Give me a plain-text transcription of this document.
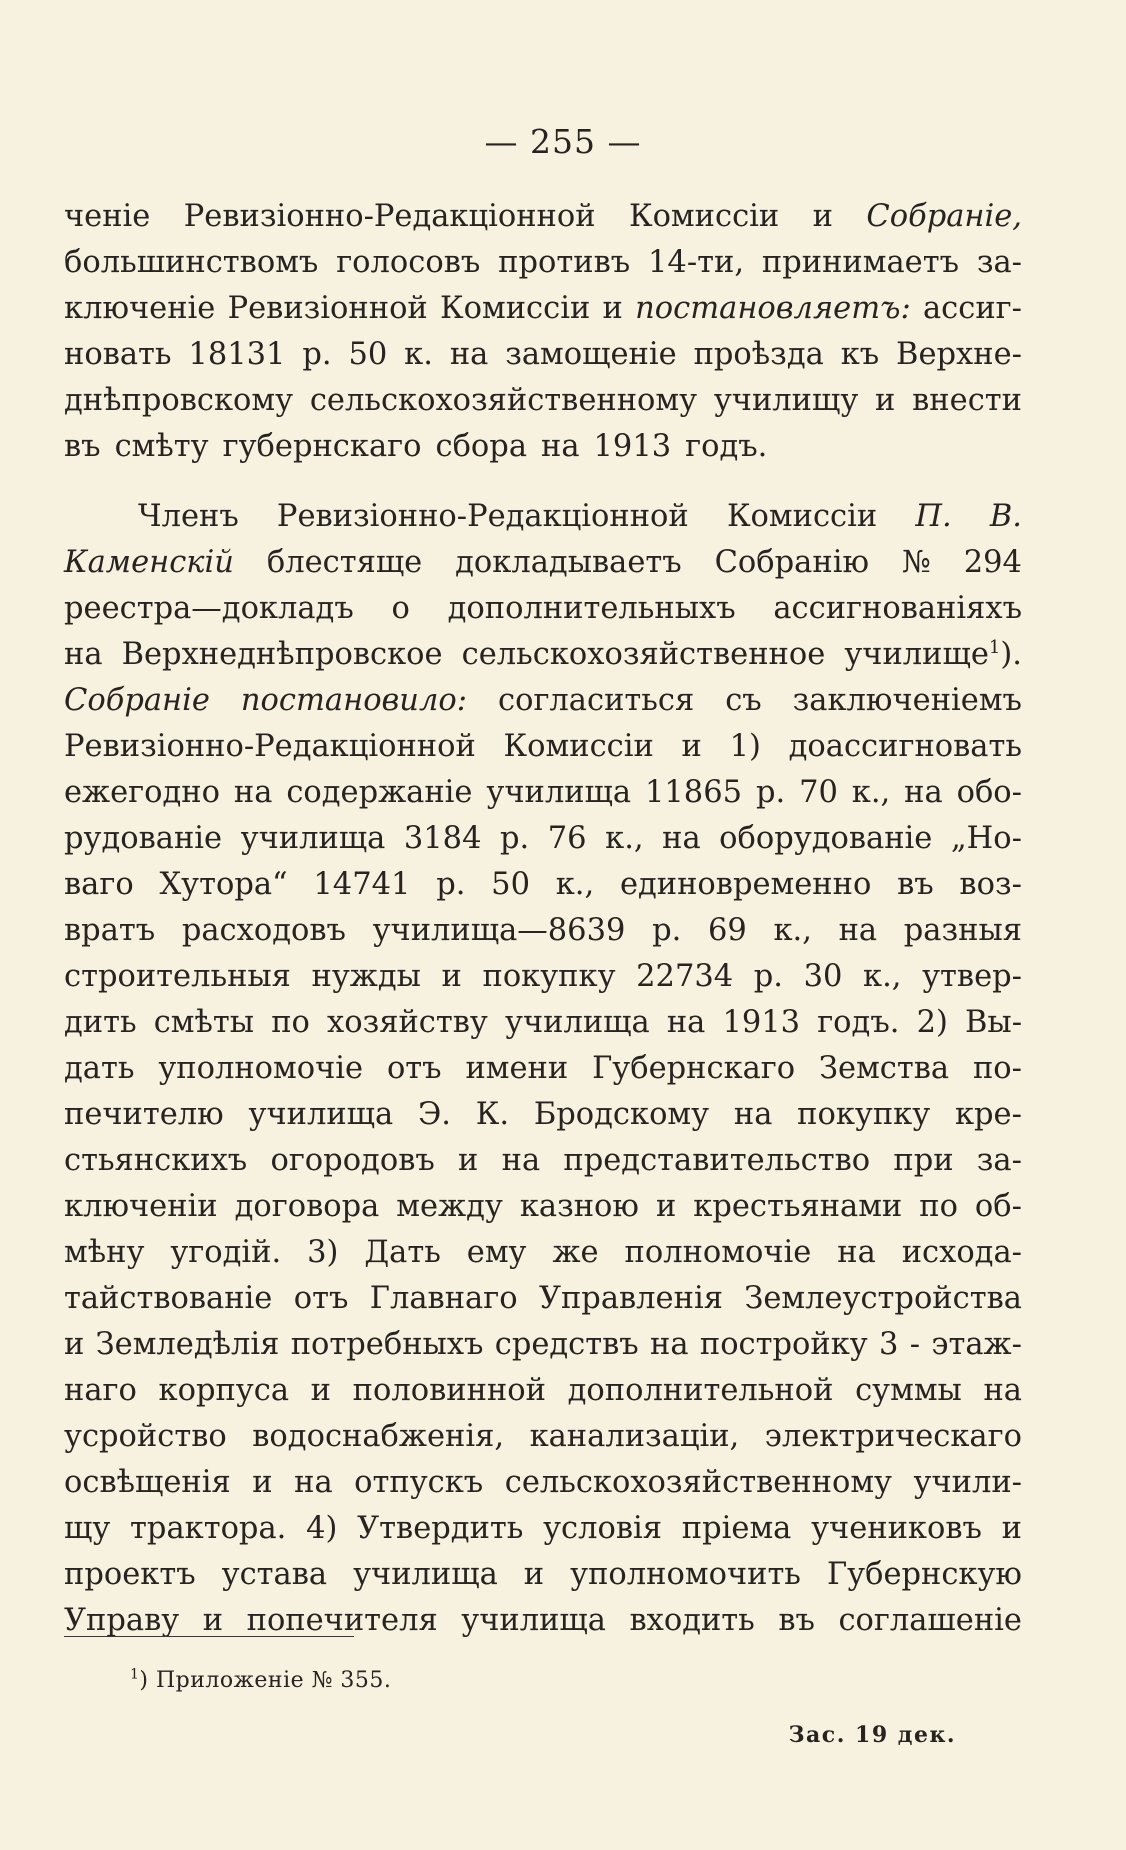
— 255 —
ченіе Ревизіонно-Редакціонной Комиссіи и Собраніе,
большинствомъ голосовъ противъ 14-ти, принимаетъ за-
ключеніе Ревизіонной Комиссіи и постановляетъ: ассиг-
новать 18131 р. 50 к. на замощеніе проѣзда къ Верхне-
днѣпровскому сельскохозяйственному училищу и внести
въ смѣту губернскаго сбора на 1913 годъ.
Членъ Ревизіонно-Редакціонной Комиссіи П. В.
Каменскій блестяще докладываетъ Собранію № 294
реестра—докладъ о дополнительныхъ ассигнованіяхъ
на Верхнеднѣпровское сельскохозяйственное училище$^1$).
Собраніе постановило: согласиться съ заключеніемъ
Ревизіонно-Редакціонной Комиссіи и 1) доассигновать
ежегодно на содержаніе училища 11865 р. 70 к., на обо-
рудованіе училища 3184 р. 76 к., на оборудованіе „Но-
ваго Хутора“ 14741 р. 50 к., единовременно въ воз-
вратъ расходовъ училища—8639 р. 69 к., на разныя
строительныя нужды и покупку 22734 р. 30 к., утвер-
дить смѣты по хозяйству училища на 1913 годъ. 2) Вы-
дать уполномочіе отъ имени Губернскаго Земства по-
печителю училища Э. К. Бродскому на покупку кре-
стьянскихъ огородовъ и на представительство при за-
ключеніи договора между казною и крестьянами по об-
мѣну угодій. 3) Дать ему же полномочіе на исхода-
тайствованіе отъ Главнаго Управленія Землеустройства
и Земледѣлія потребныхъ средствъ на постройку 3 - этаж-
наго корпуса и половинной дополнительной суммы на
усройство водоснабженія, канализаціи, электрическаго
освѣщенія и на отпускъ сельскохозяйственному учили-
щу трактора. 4) Утвердить условія пріема учениковъ и
проектъ устава училища и уполномочить Губернскую
Управу и попечителя училища входить въ соглашеніе
$^1$) Приложеніе № 355.
Зас. 19 дек.
